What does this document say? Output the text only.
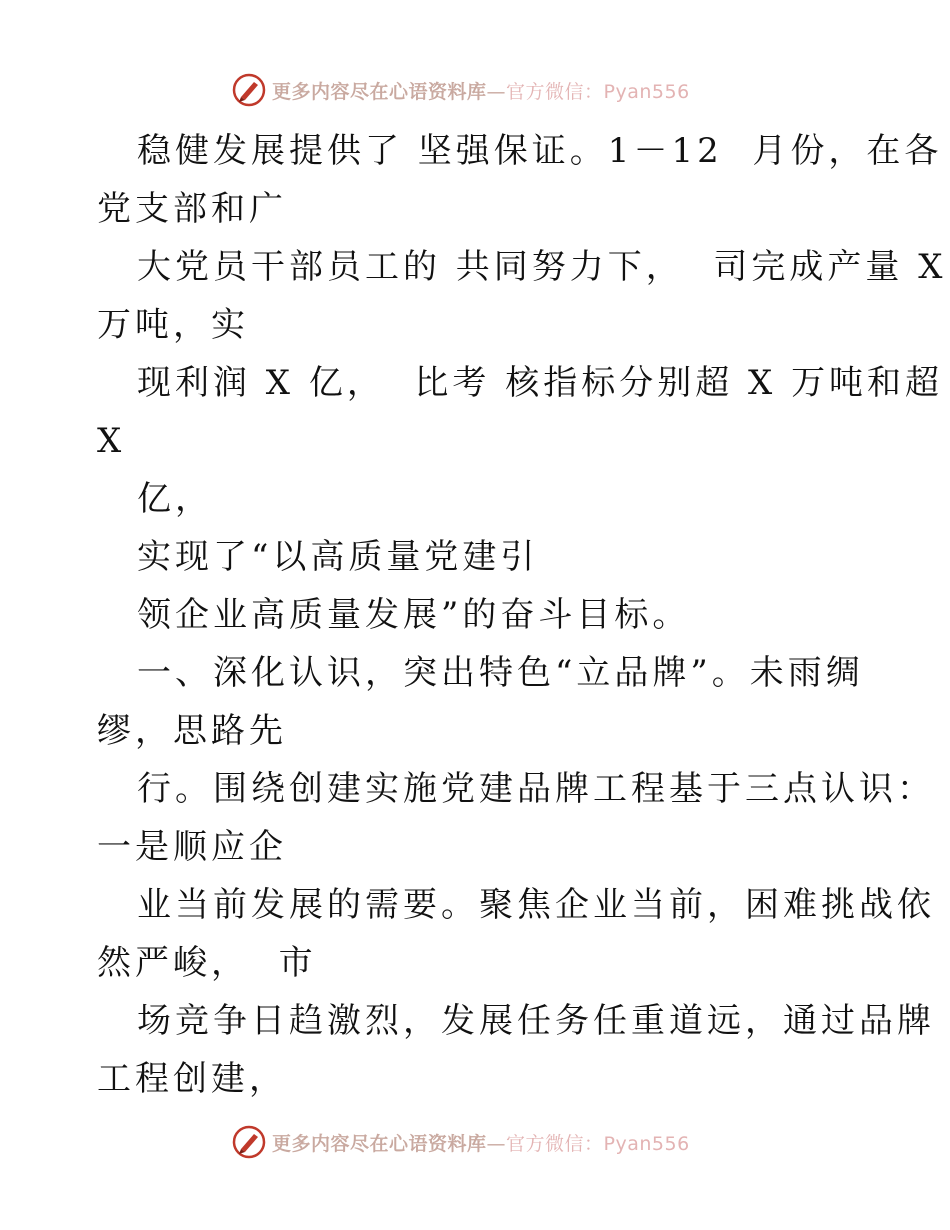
更多内容尽在心语资料库—官方微信：Pyan556
稳健发展提供了 坚强保证。1－12  月份，在各
党支部和广
大党员干部员工的 共同努力下，  司完成产量 X
万吨，实
现利润 X 亿，  比考 核指标分别超 X 万吨和超
X
亿，
实现了“以高质量党建引
领企业高质量发展”的奋斗目标。
一、深化认识，突出特色“立品牌”。未雨绸
缪，思路先
行。围绕创建实施党建品牌工程基于三点认识：
一是顺应企
业当前发展的需要。聚焦企业当前，困难挑战依
然严峻，  市
场竞争日趋激烈，发展任务任重道远，通过品牌
工程创建，
更多内容尽在心语资料库—官方微信：Pyan556
